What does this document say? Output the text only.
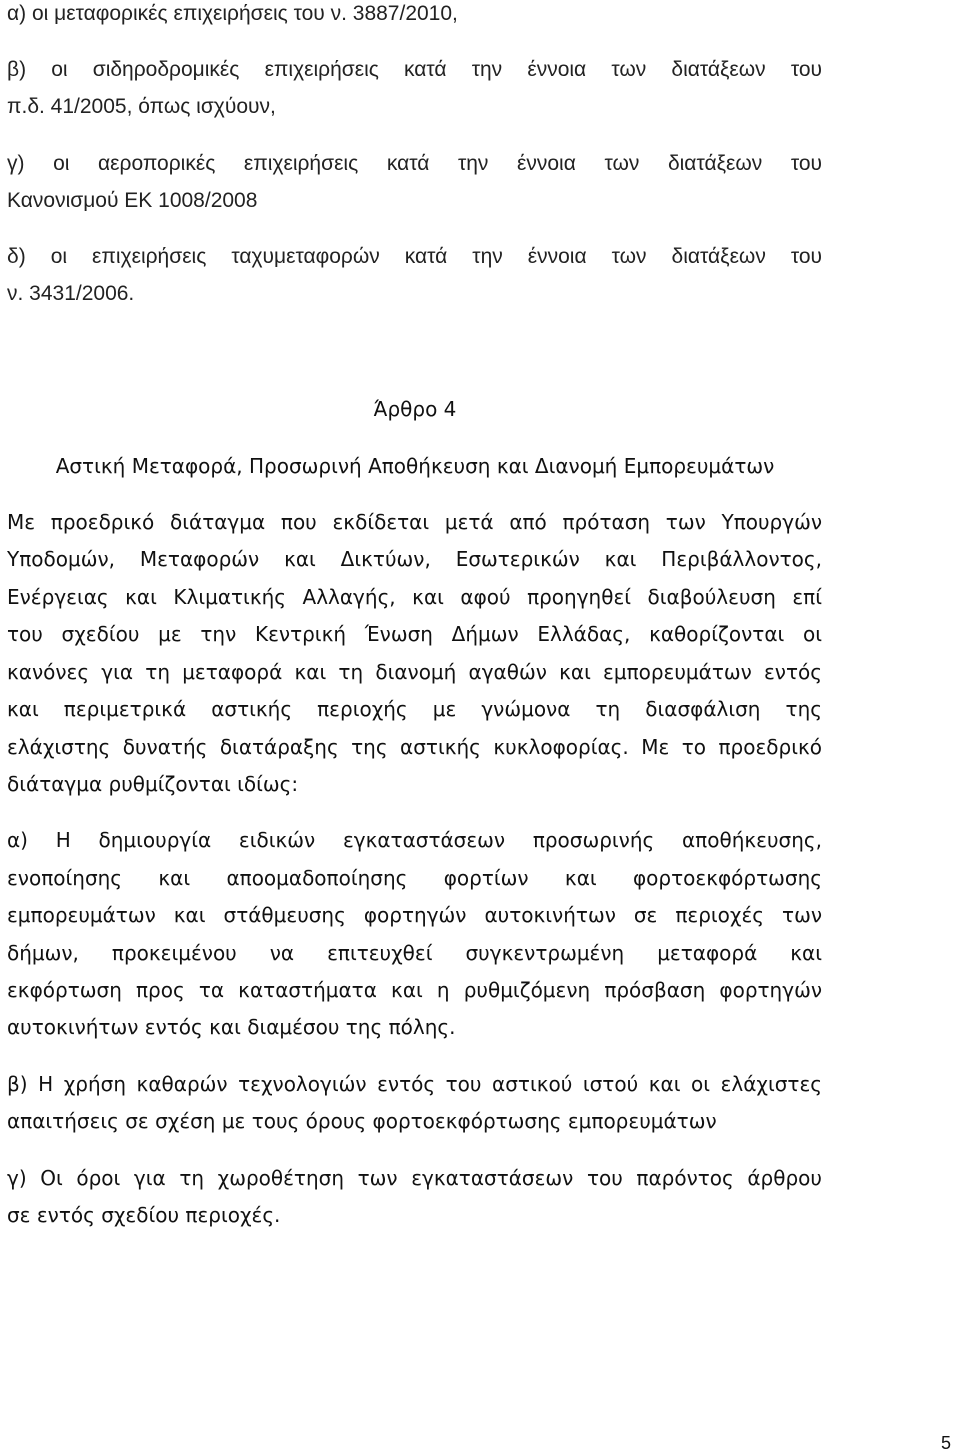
α) οι μεταφορικές επιχειρήσεις του ν. 3887/2010,
β) οι σιδηροδρομικές επιχειρήσεις κατά την έννοια των διατάξεων του
π.δ. 41/2005, όπως ισχύουν,
γ) οι αεροπορικές επιχειρήσεις κατά την έννοια των διατάξεων του
Κανονισμού ΕΚ 1008/2008
δ) οι επιχειρήσεις ταχυμεταφορών κατά την έννοια των διατάξεων του
ν. 3431/2006.
Άρθρο 4
Αστική Μεταφορά, Προσωρινή Αποθήκευση και Διανομή Εμπορευμάτων
Με προεδρικό διάταγμα που εκδίδεται μετά από πρόταση των Υπουργών
Υποδομών, Μεταφορών και Δικτύων, Εσωτερικών και Περιβάλλοντος,
Ενέργειας και Κλιματικής Αλλαγής, και αφού προηγηθεί διαβούλευση επί
του σχεδίου με την Κεντρική Ένωση Δήμων Ελλάδας, καθορίζονται οι
κανόνες για τη μεταφορά και τη διανομή αγαθών και εμπορευμάτων εντός
και περιμετρικά αστικής περιοχής με γνώμονα τη διασφάλιση της
ελάχιστης δυνατής διατάραξης της αστικής κυκλοφορίας. Με το προεδρικό
διάταγμα ρυθμίζονται ιδίως:
α) Η δημιουργία ειδικών εγκαταστάσεων προσωρινής αποθήκευσης,
ενοποίησης και αποομαδοποίησης φορτίων και φορτοεκφόρτωσης
εμπορευμάτων και στάθμευσης φορτηγών αυτοκινήτων σε περιοχές των
δήμων, προκειμένου να επιτευχθεί συγκεντρωμένη μεταφορά και
εκφόρτωση προς τα καταστήματα και η ρυθμιζόμενη πρόσβαση φορτηγών
αυτοκινήτων εντός και διαμέσου της πόλης.
β) Η χρήση καθαρών τεχνολογιών εντός του αστικού ιστού και οι ελάχιστες
απαιτήσεις σε σχέση με τους όρους φορτοεκφόρτωσης εμπορευμάτων
γ) Οι όροι για τη χωροθέτηση των εγκαταστάσεων του παρόντος άρθρου
σε εντός σχεδίου περιοχές.
5
